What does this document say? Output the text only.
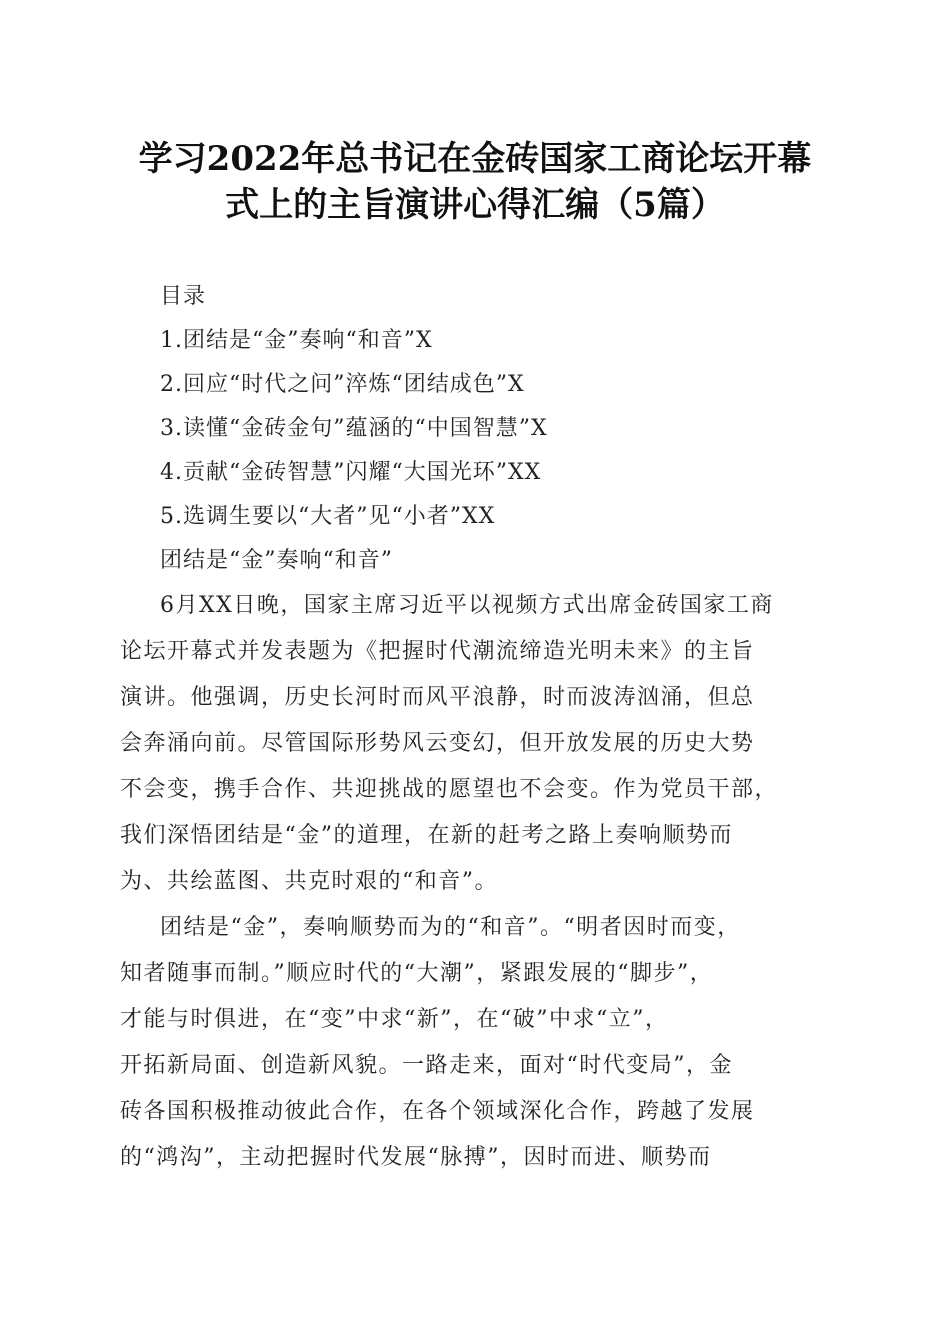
学习2022年总书记在金砖国家工商论坛开幕
式上的主旨演讲心得汇编（5篇）
目录
1.团结是“金”奏响“和音”X
2.回应“时代之问”淬炼“团结成色”X
3.读懂“金砖金句”蕴涵的“中国智慧”X
4.贡献“金砖智慧”闪耀“大国光环”XX
5.选调生要以“大者”见“小者”XX
团结是“金”奏响“和音”
6月XX日晚，国家主席习近平以视频方式出席金砖国家工商
论坛开幕式并发表题为《把握时代潮流缔造光明未来》的主旨
演讲。他强调，历史长河时而风平浪静，时而波涛汹涌，但总
会奔涌向前。尽管国际形势风云变幻，但开放发展的历史大势
不会变，携手合作、共迎挑战的愿望也不会变。作为党员干部，
我们深悟团结是“金”的道理，在新的赶考之路上奏响顺势而
为、共绘蓝图、共克时艰的“和音”。
团结是“金”，奏响顺势而为的“和音”。“明者因时而变，
知者随事而制。”顺应时代的“大潮”，紧跟发展的“脚步”，
才能与时俱进，在“变”中求“新”，在“破”中求“立”，
开拓新局面、创造新风貌。一路走来，面对“时代变局”，金
砖各国积极推动彼此合作，在各个领域深化合作，跨越了发展
的“鸿沟”，主动把握时代发展“脉搏”，因时而进、顺势而
